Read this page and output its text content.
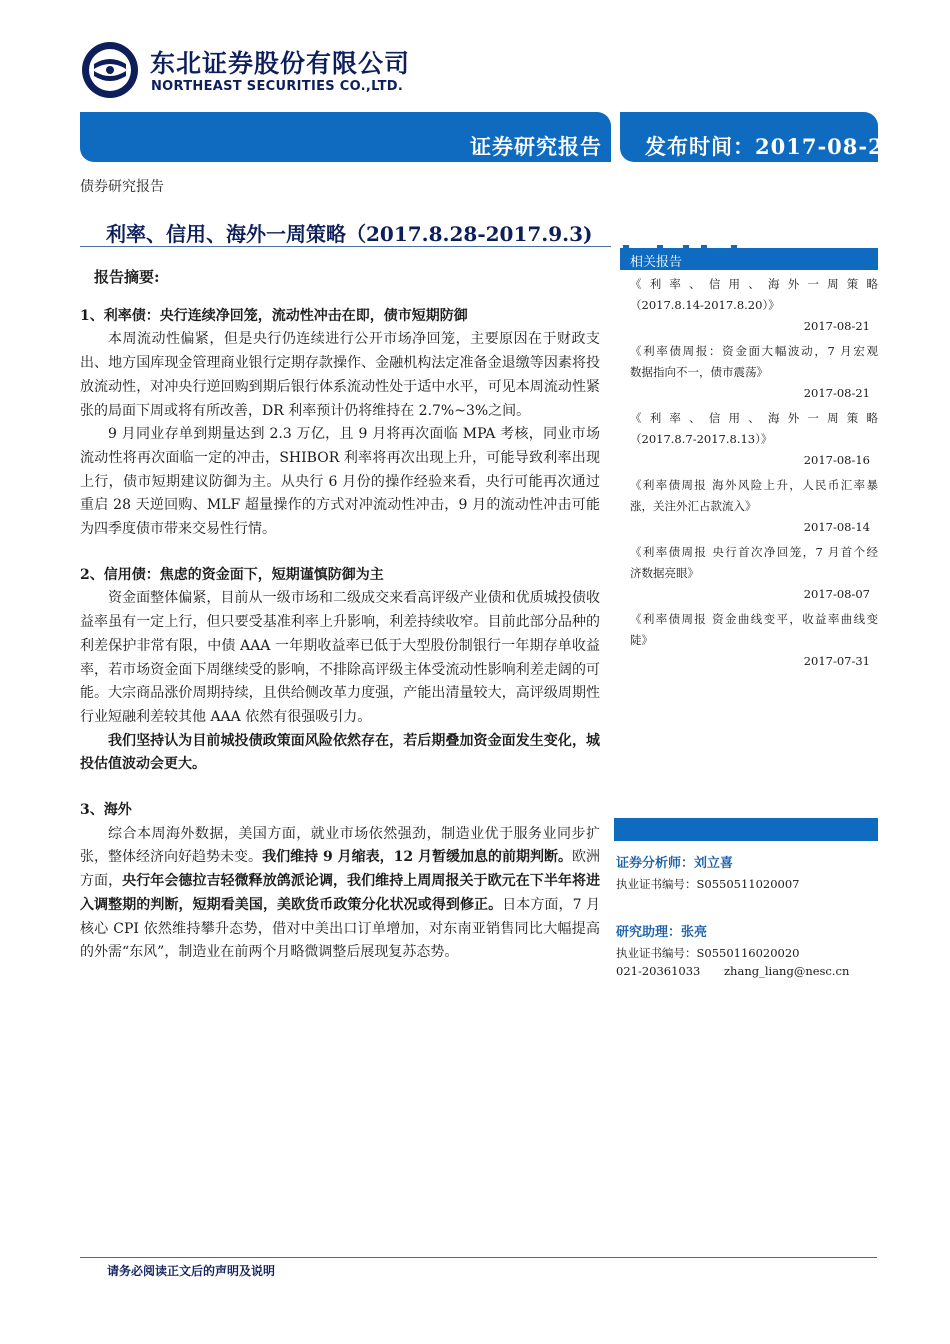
东北证券股份有限公司
NORTHEAST SECURITIES CO.,LTD.
证券研究报告 发布时间：2017-08-28
债券研究报告
利率、信用、海外一周策略（2017.8.28-2017.9.3)
报告摘要:
1、利率债：央行连续净回笼，流动性冲击在即，债市短期防御

本周流动性偏紧，但是央行仍连续进行公开市场净回笼，主要原因在于财政支出、地方国库现金管理商业银行定期存款操作、金融机构法定准备金退缴等因素将投放流动性，对冲央行逆回购到期后银行体系流动性处于适中水平，可见本周流动性紧张的局面下周或将有所改善，DR 利率预计仍将维持在 2.7%~3%之间。

9 月同业存单到期量达到 2.3 万亿，且 9 月将再次面临 MPA 考核，同业市场流动性将再次面临一定的冲击，SHIBOR 利率将再次出现上升，可能导致利率出现上行，债市短期建议防御为主。从央行 6 月份的操作经验来看，央行可能再次通过重启 28 天逆回购、MLF 超量操作的方式对冲流动性冲击，9 月的流动性冲击可能为四季度债市带来交易性行情。

2、信用债：焦虑的资金面下，短期谨慎防御为主

资金面整体偏紧，目前从一级市场和二级成交来看高评级产业债和优质城投债收益率虽有一定上行，但只要受基准利率上升影响，利差持续收窄。目前此部分品种的利差保护非常有限，中债 AAA 一年期收益率已低于大型股份制银行一年期存单收益率，若市场资金面下周继续受的影响，不排除高评级主体受流动性影响利差走阔的可能。大宗商品涨价周期持续，且供给侧改革力度强，产能出清量较大，高评级周期性行业短融利差较其他 AAA 依然有很强吸引力。

我们坚持认为目前城投债政策面风险依然存在，若后期叠加资金面发生变化，城投估值波动会更大。

3、海外

综合本周海外数据，美国方面，就业市场依然强劲，制造业优于服务业同步扩张，整体经济向好趋势未变。我们维持 9 月缩表，12 月暂缓加息的前期判断。欧洲方面，央行年会德拉吉轻微释放鸽派论调，我们维持上周周报关于欧元在下半年将进入调整期的判断，短期看美国，美欧货币政策分化状况或得到修正。日本方面，7 月核心 CPI 依然维持攀升态势，借对中美出口订单增加，对东南亚销售同比大幅提高的外需“东风”，制造业在前两个月略微调整后展现复苏态势。

相关报告
《利率、信用、海外一周策略
（2017.8.14-2017.8.20）》
2017-08-21
《利率债周报：资金面大幅波动，7 月宏观
数据指向不一，债市震荡》
2017-08-21
《利率、信用、海外一周策略
（2017.8.7-2017.8.13）》
2017-08-16
《利率债周报 海外风险上升，人民币汇率暴
涨，关注外汇占款流入》
2017-08-14
《利率债周报 央行首次净回笼，7 月首个经
济数据亮眼》
2017-08-07
《利率债周报 资金曲线变平，收益率曲线变
陡》
2017-07-31
证券分析师：刘立喜
执业证书编号：S0550511020007
研究助理：张亮
执业证书编号：S0550116020020
021-20361033 zhang_liang@nesc.cn
请务必阅读正文后的声明及说明
